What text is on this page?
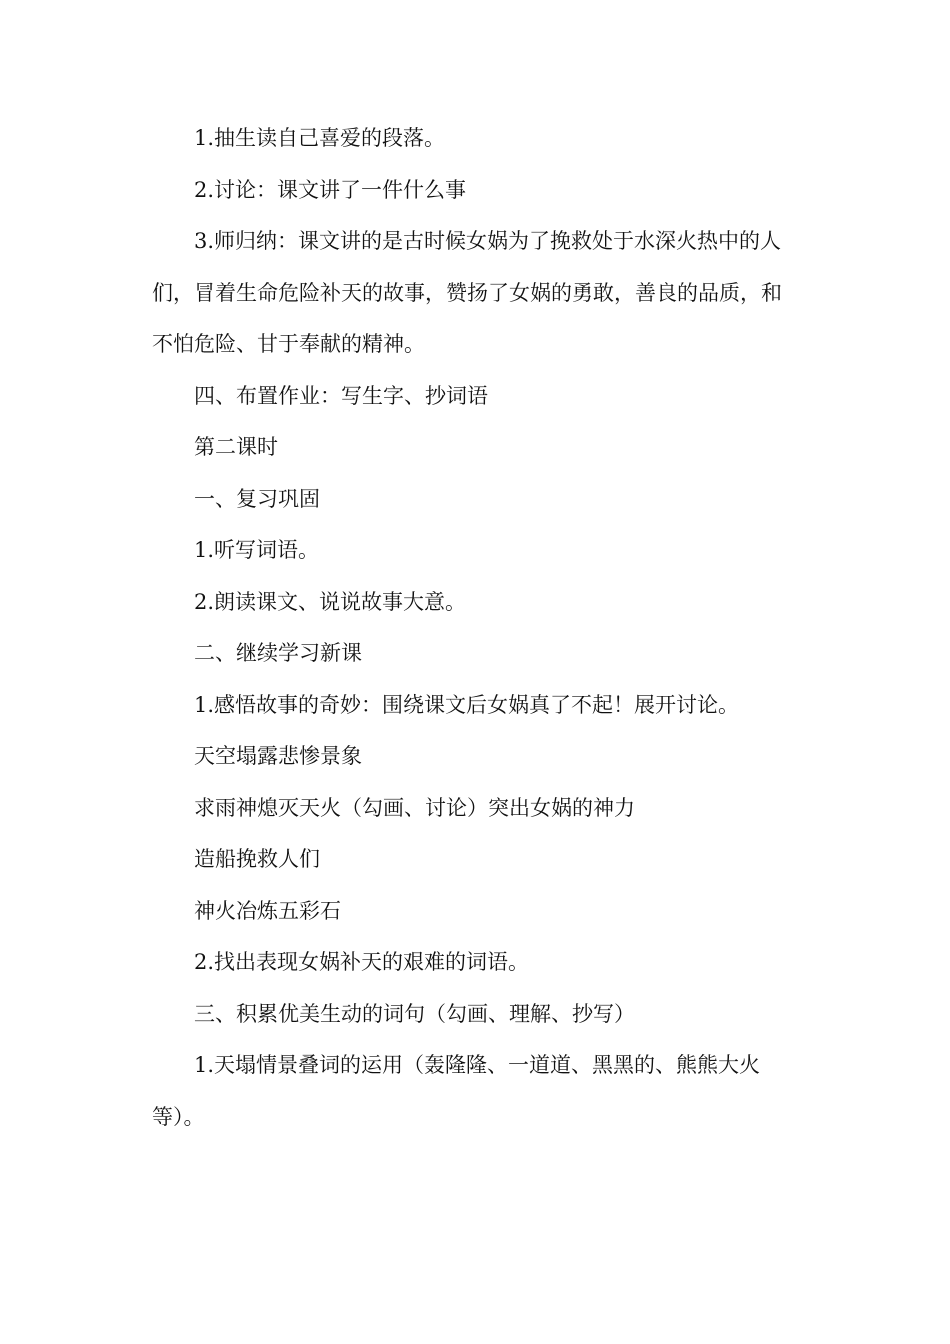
1.抽生读自己喜爱的段落。

2.讨论：课文讲了一件什么事

3.师归纳：课文讲的是古时候女娲为了挽救处于水深火热中的人们，冒着生命危险补天的故事，赞扬了女娲的勇敢，善良的品质，和不怕危险、甘于奉献的精神。

四、布置作业：写生字、抄词语

第二课时

一、复习巩固

1.听写词语。

2.朗读课文、说说故事大意。

二、继续学习新课

1.感悟故事的奇妙：围绕课文后女娲真了不起！展开讨论。

天空塌露悲惨景象

求雨神熄灭天火（勾画、讨论）突出女娲的神力

造船挽救人们

神火冶炼五彩石

2.找出表现女娲补天的艰难的词语。

三、积累优美生动的词句（勾画、理解、抄写）

1.天塌情景叠词的运用（轰隆隆、一道道、黑黑的、熊熊大火等）。
